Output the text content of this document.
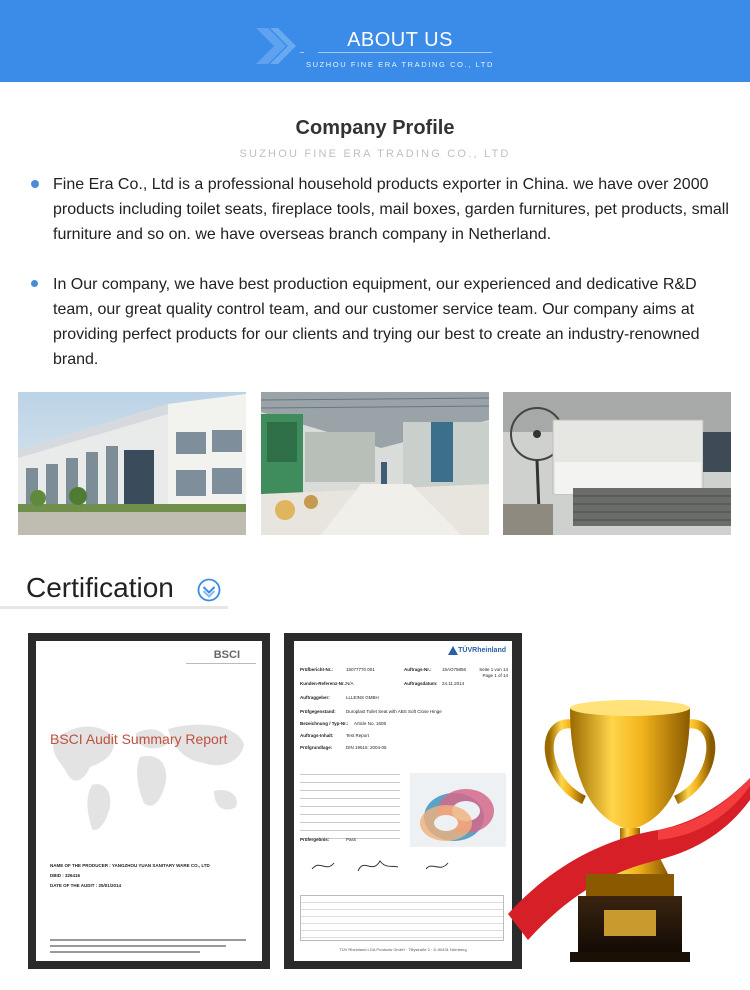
ABOUT US
SUZHOU FINE ERA TRADING CO., LTD
Company Profile
SUZHOU FINE ERA TRADING CO., LTD
Fine Era Co., Ltd is a professional household products exporter in China. we have over 2000 products including toilet seats, fireplace tools, mail boxes, garden furnitures, pet products, small furniture and so on. we have overseas branch company in Netherland.
In Our company, we have best production equipment, our experienced and dedicative R&D team, our great quality control team, and our customer service team. Our company aims at providing perfect products for our clients and trying our best to create an industry-renowned brand.
Certification
BSCI
BSCI Audit Summary Report
NAME OF THE PRODUCER : YANGZHOU YUAN SANITARY WARE CO., LTD
DBID : 326416
DATE OF THE AUDIT : 25/01/2014
TÜVRheinland
Prüfbericht-Nr.:	15077770 001	Auftrags-Nr.: 15AO75856	Seite 1 von 14
Page 1 of 14
Kunden-Referenz-Nr.: N/A	Auftragsdatum: 24.11.2014
Auftraggeber:	LLLEINS GMBH
Prüfgegenstand: Duroplast Toilet Seat with ABS Soft Close Hinge
Bezeichnung / Typ-Nr.: Article No. 1608
Auftrags-Inhalt:	Test Report
Prüfgrundlage:	DIN 19516: 2004-05
Prüfergebnis:	Pass
TÜV Rheinland LGA Products GmbH · Tillystraße 2 · D-90431 Nürnberg
